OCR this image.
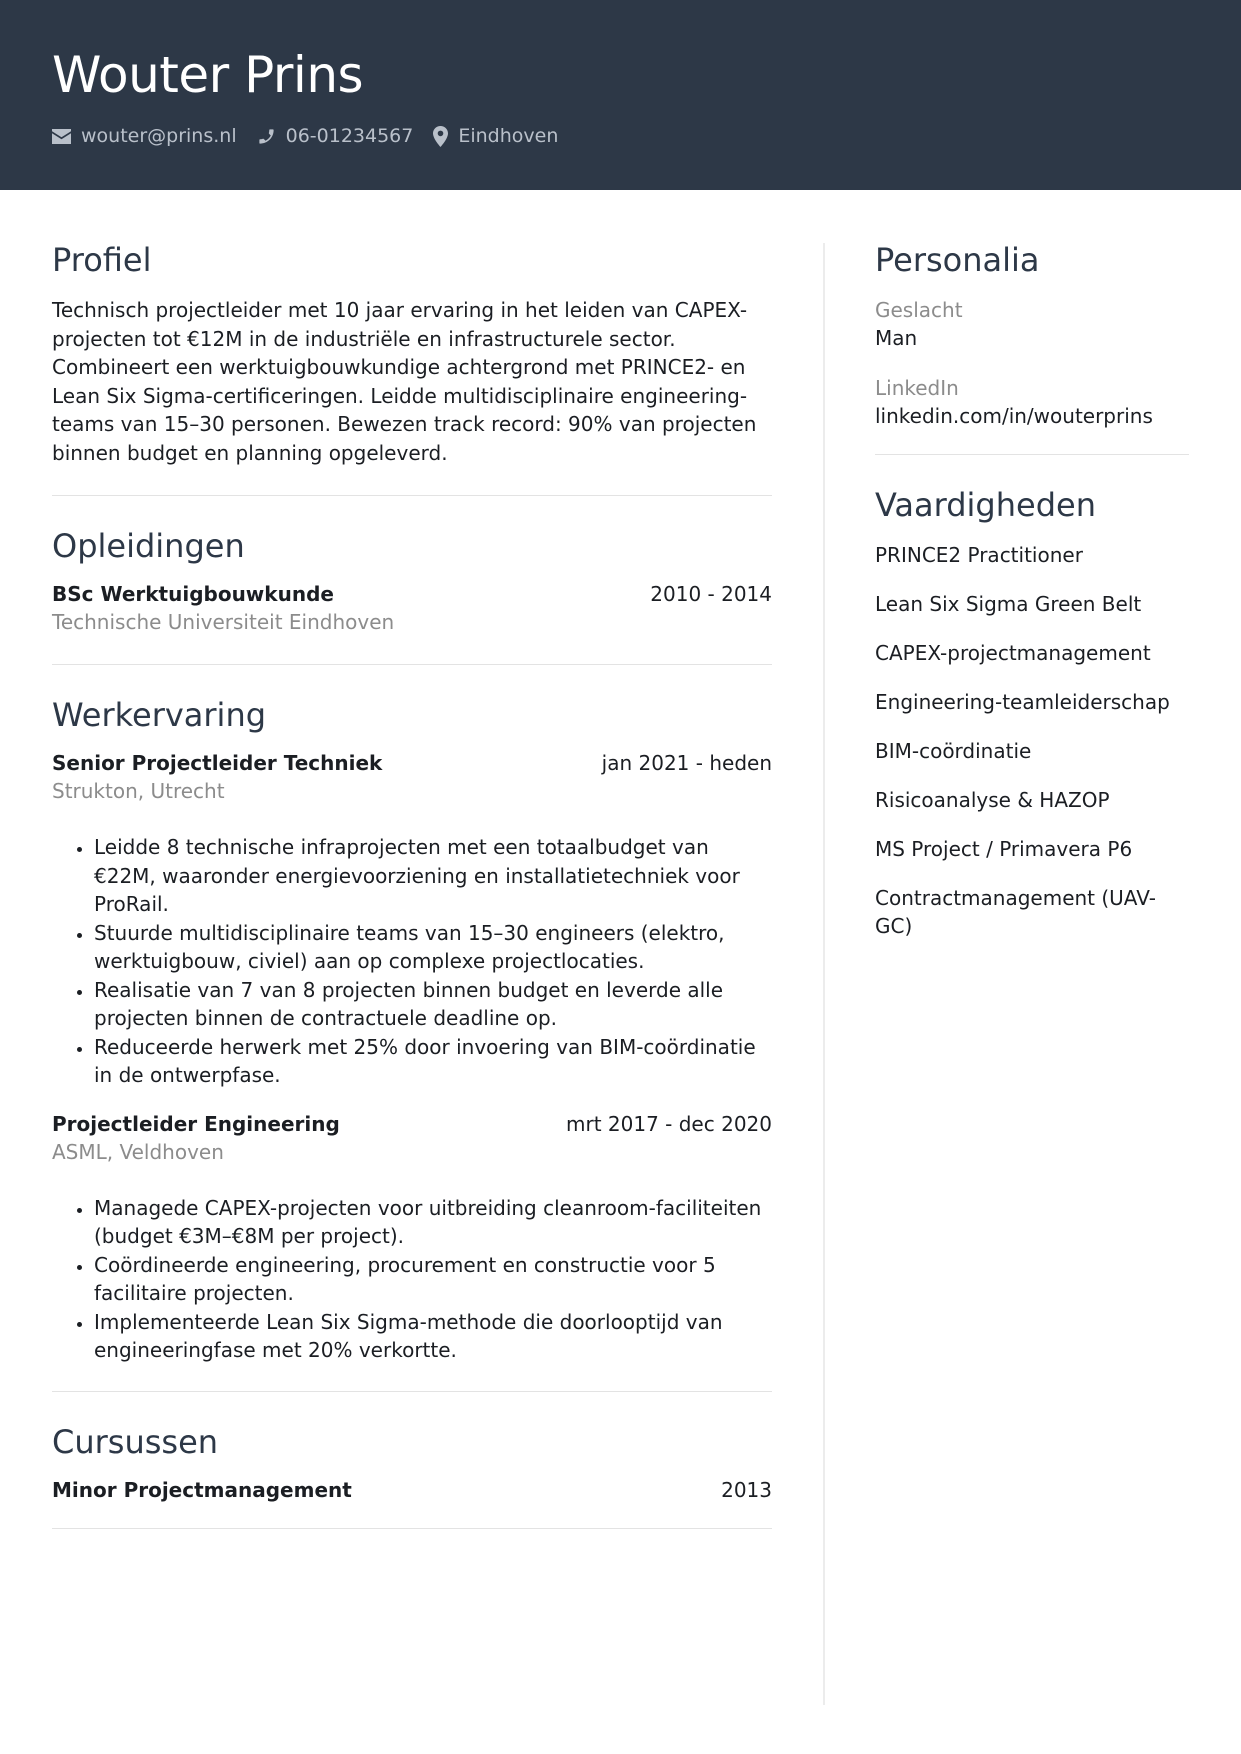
Wouter Prins
wouter@prins.nl	06-01234567 Eindhoven
Profiel

Technisch projectleider met 10 jaar ervaring in het leiden van CAPEX-projecten tot €12M in de industriële en infrastructurele sector. Combineert een werktuigbouwkundige achtergrond met PRINCE2- en Lean Six Sigma-certificeringen. Leidde multidisciplinaire engineering-teams van 15–30 personen. Bewezen track record: 90% van projecten binnen budget en planning opgeleverd.

Opleidingen
BSc Werktuigbouwkunde	2010 - 2014
Technische Universiteit Eindhoven
Werkervaring
Senior Projectleider Techniek	jan 2021 - heden
Strukton, Utrecht
• Leidde 8 technische infraprojecten met een totaalbudget van €22M, waaronder energievoorziening en installatietechniek voor ProRail.
• Stuurde multidisciplinaire teams van 15–30 engineers (elektro, werktuigbouw, civiel) aan op complexe projectlocaties.
• Realisatie van 7 van 8 projecten binnen budget en leverde alle projecten binnen de contractuele deadline op.
• Reduceerde herwerk met 25% door invoering van BIM-coördinatie in de ontwerpfase.
Projectleider Engineering	mrt 2017 - dec 2020
ASML, Veldhoven
• Managede CAPEX-projecten voor uitbreiding cleanroom-faciliteiten (budget €3M–€8M per project).
• Coördineerde engineering, procurement en constructie voor 5 facilitaire projecten.
• Implementeerde Lean Six Sigma-methode die doorlooptijd van engineeringfase met 20% verkortte.
Cursussen
Minor Projectmanagement	2013
Personalia
Geslacht
Man
LinkedIn
linkedin.com/in/wouterprins
Vaardigheden
PRINCE2 Practitioner
Lean Six Sigma Green Belt
CAPEX-projectmanagement
Engineering-teamleiderschap
BIM-coördinatie
Risicoanalyse & HAZOP
MS Project / Primavera P6
Contractmanagement (UAV-GC)
